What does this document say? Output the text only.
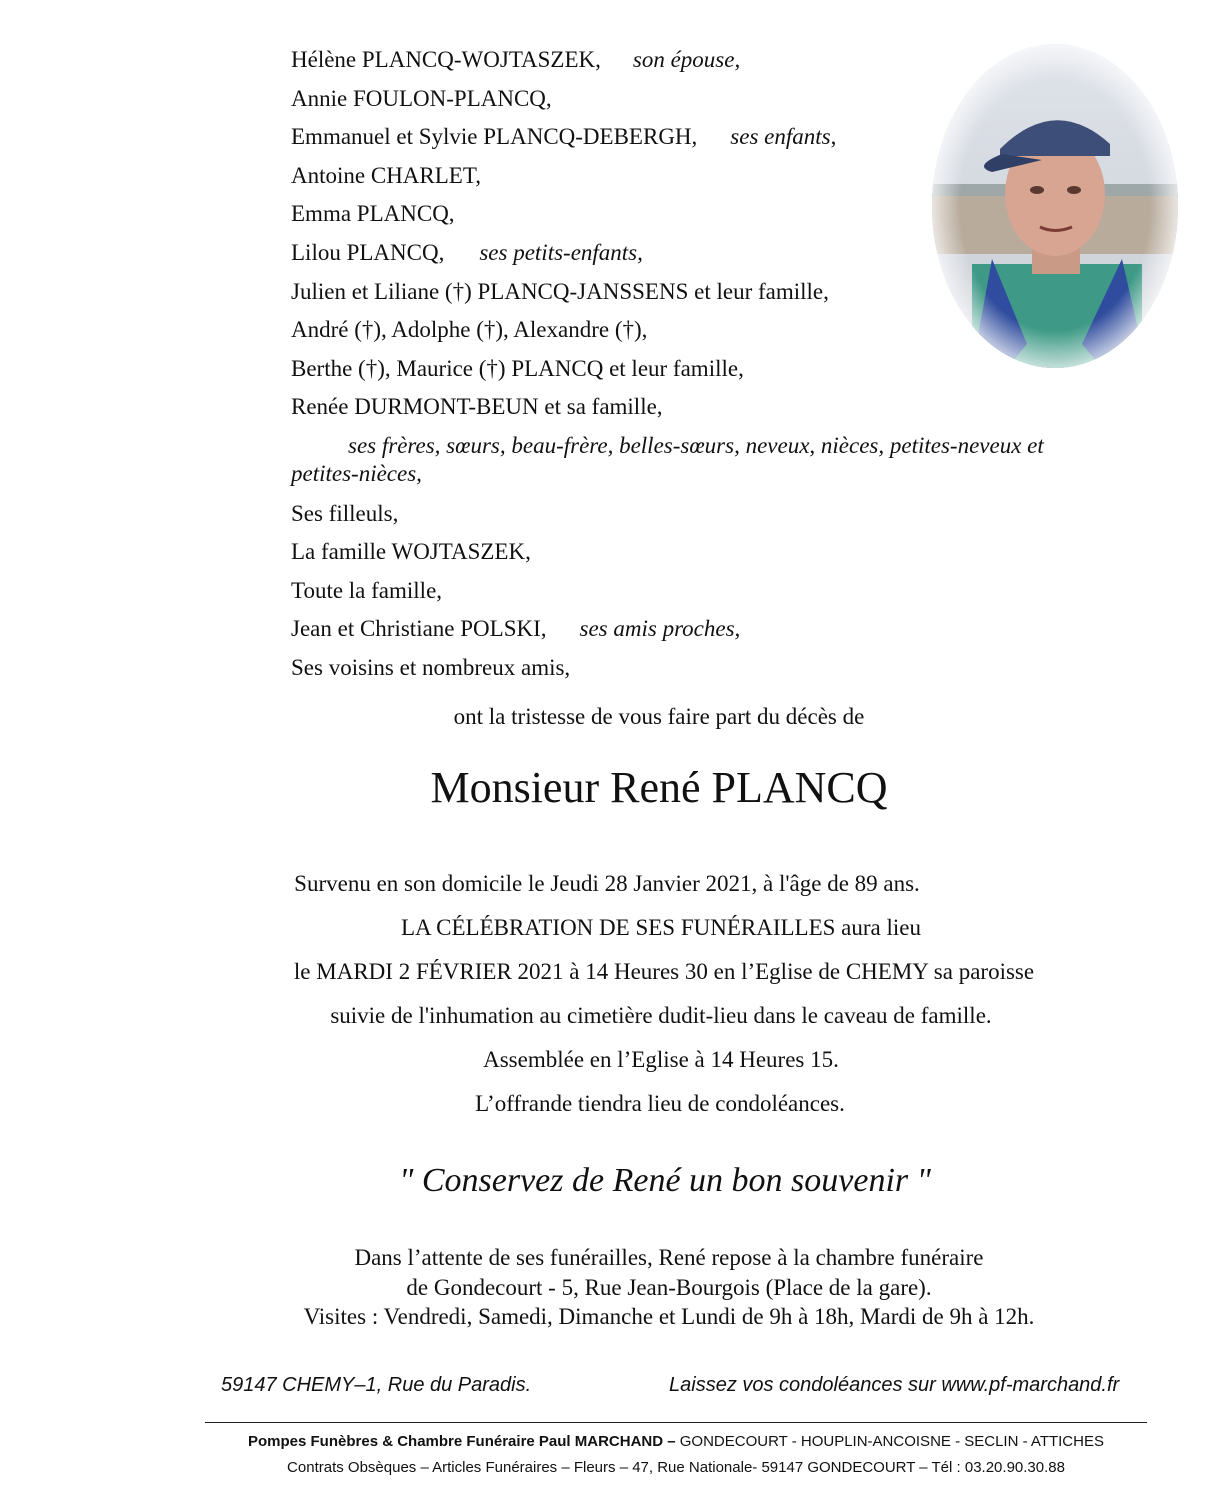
Hélène PLANCQ-WOJTASZEK, son épouse,
Annie FOULON-PLANCQ,
Emmanuel et Sylvie PLANCQ-DEBERGH, ses enfants,
Antoine CHARLET,
Emma PLANCQ,
Lilou PLANCQ, ses petits-enfants,
Julien et Liliane (†) PLANCQ-JANSSENS et leur famille,
André (†), Adolphe (†), Alexandre (†),
Berthe (†), Maurice (†) PLANCQ et leur famille,
Renée DURMONT-BEUN et sa famille,
ses frères, sœurs, beau-frère, belles-sœurs, neveux, nièces, petites-neveux et
petites-nièces,
Ses filleuls,
La famille WOJTASZEK,
Toute la famille,
Jean et Christiane POLSKI, ses amis proches,
Ses voisins et nombreux amis,
ont la tristesse de vous faire part du décès de
Monsieur René PLANCQ
Survenu en son domicile le Jeudi 28 Janvier 2021, à l'âge de 89 ans.
LA CÉLÉBRATION DE SES FUNÉRAILLES aura lieu
le MARDI 2 FÉVRIER 2021 à 14 Heures 30 en l’Eglise de CHEMY sa paroisse
suivie de l'inhumation au cimetière dudit-lieu dans le caveau de famille.
Assemblée en l’Eglise à 14 Heures 15.
L’offrande tiendra lieu de condoléances.
" Conservez de René un bon souvenir "
Dans l’attente de ses funérailles, René repose à la chambre funéraire
de Gondecourt - 5, Rue Jean-Bourgois (Place de la gare).
Visites : Vendredi, Samedi, Dimanche et Lundi de 9h à 18h, Mardi de 9h à 12h.
59147 CHEMY–1, Rue du Paradis.	Laissez vos condoléances sur www.pf-marchand.fr
Pompes Funèbres & Chambre Funéraire Paul MARCHAND – GONDECOURT - HOUPLIN-ANCOISNE - SECLIN - ATTICHES
Contrats Obsèques – Articles Funéraires – Fleurs – 47, Rue Nationale- 59147 GONDECOURT – Tél : 03.20.90.30.88
